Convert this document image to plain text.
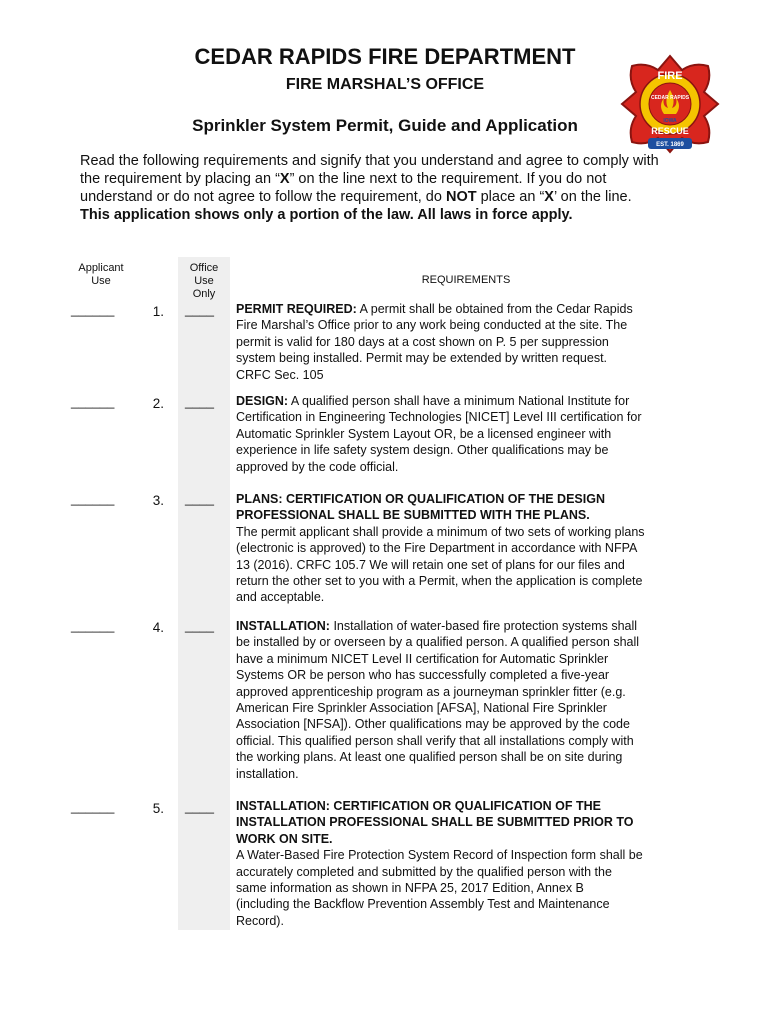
CEDAR RAPIDS FIRE DEPARTMENT
FIRE MARSHAL’S OFFICE
Sprinkler System Permit, Guide and Application
FIRE
RESCUE
CEDAR RAPIDS
IOWA
EST. 1869
Read the following requirements and signify that you understand and agree to comply with
the requirement by placing an “X” on the line next to the requirement. If you do not
understand or do not agree to follow the requirement, do NOT place an “X’ on the line.
This application shows only a portion of the law. All laws in force apply.
Applicant
Use
Office
Use
Only
REQUIREMENTS
______	1. ____ PERMIT REQUIRED: A permit shall be obtained from the Cedar Rapids
Fire Marshal’s Office prior to any work being conducted at the site. The
permit is valid for 180 days at a cost shown on P. 5 per suppression
system being installed. Permit may be extended by written request.
CRFC Sec. 105
______	2. ____ DESIGN: A qualified person shall have a minimum National Institute for
Certification in Engineering Technologies [NICET] Level III certification for
Automatic Sprinkler System Layout OR, be a licensed engineer with
experience in life safety system design. Other qualifications may be
approved by the code official.
______	3. ____ PLANS: CERTIFICATION OR QUALIFICATION OF THE DESIGN
PROFESSIONAL SHALL BE SUBMITTED WITH THE PLANS.
The permit applicant shall provide a minimum of two sets of working plans
(electronic is approved) to the Fire Department in accordance with NFPA
13 (2016). CRFC 105.7 We will retain one set of plans for our files and
return the other set to you with a Permit, when the application is complete
and acceptable.
______	4. ____ INSTALLATION: Installation of water-based fire protection systems shall
be installed by or overseen by a qualified person. A qualified person shall
have a minimum NICET Level II certification for Automatic Sprinkler
Systems OR be person who has successfully completed a five-year
approved apprenticeship program as a journeyman sprinkler fitter (e.g.
American Fire Sprinkler Association [AFSA], National Fire Sprinkler
Association [NFSA]). Other qualifications may be approved by the code
official. This qualified person shall verify that all installations comply with
the working plans. At least one qualified person shall be on site during
installation.
______	5. ____ INSTALLATION: CERTIFICATION OR QUALIFICATION OF THE
INSTALLATION PROFESSIONAL SHALL BE SUBMITTED PRIOR TO
WORK ON SITE.
A Water-Based Fire Protection System Record of Inspection form shall be
accurately completed and submitted by the qualified person with the
same information as shown in NFPA 25, 2017 Edition, Annex B
(including the Backflow Prevention Assembly Test and Maintenance
Record).
